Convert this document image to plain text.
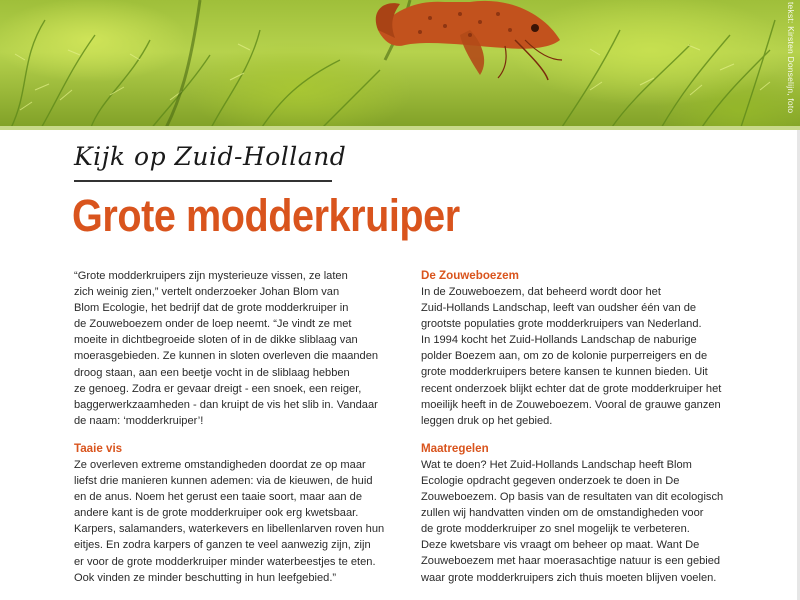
tekst: Kirsten Donselijn, foto
Kijk op Zuid-Holland
Grote modderkruiper

“Grote modderkruipers zijn mysterieuze vissen, ze laten

zich weinig zien,” vertelt onderzoeker Johan Blom van

Blom Ecologie, het bedrijf dat de grote modderkruiper in

de Zouweboezem onder de loep neemt. “Je vindt ze met

moeite in dichtbegroeide sloten of in de dikke sliblaag van

moerasgebieden. Ze kunnen in sloten overleven die maanden

droog staan, aan een beetje vocht in de sliblaag hebben

ze genoeg. Zodra er gevaar dreigt - een snoek, een reiger,

baggerwerkzaamheden - dan kruipt de vis het slib in. Vandaar

de naam: ‘modderkruiper’!

Taaie vis

Ze overleven extreme omstandigheden doordat ze op maar

liefst drie manieren kunnen ademen: via de kieuwen, de huid

en de anus. Noem het gerust een taaie soort, maar aan de

andere kant is de grote modderkruiper ook erg kwetsbaar.

Karpers, salamanders, waterkevers en libellenlarven roven hun

eitjes. En zodra karpers of ganzen te veel aanwezig zijn, zijn

er voor de grote modderkruiper minder waterbeestjes te eten.

Ook vinden ze minder beschutting in hun leefgebied.”

De Zouweboezem

In de Zouweboezem, dat beheerd wordt door het

Zuid-Hollands Landschap, leeft van oudsher één van de

grootste populaties grote modderkruipers van Nederland.

In 1994 kocht het Zuid-Hollands Landschap de naburige

polder Boezem aan, om zo de kolonie purperreigers en de

grote modderkruipers betere kansen te kunnen bieden. Uit

recent onderzoek blijkt echter dat de grote modderkruiper het

moeilijk heeft in de Zouweboezem. Vooral de grauwe ganzen

leggen druk op het gebied.

Maatregelen

Wat te doen? Het Zuid-Hollands Landschap heeft Blom

Ecologie opdracht gegeven onderzoek te doen in De

Zouweboezem. Op basis van de resultaten van dit ecologisch

zullen wij handvatten vinden om de omstandigheden voor

de grote modderkruiper zo snel mogelijk te verbeteren.

Deze kwetsbare vis vraagt om beheer op maat. Want De

Zouweboezem met haar moerasachtige natuur is een gebied

waar grote modderkruipers zich thuis moeten blijven voelen.
